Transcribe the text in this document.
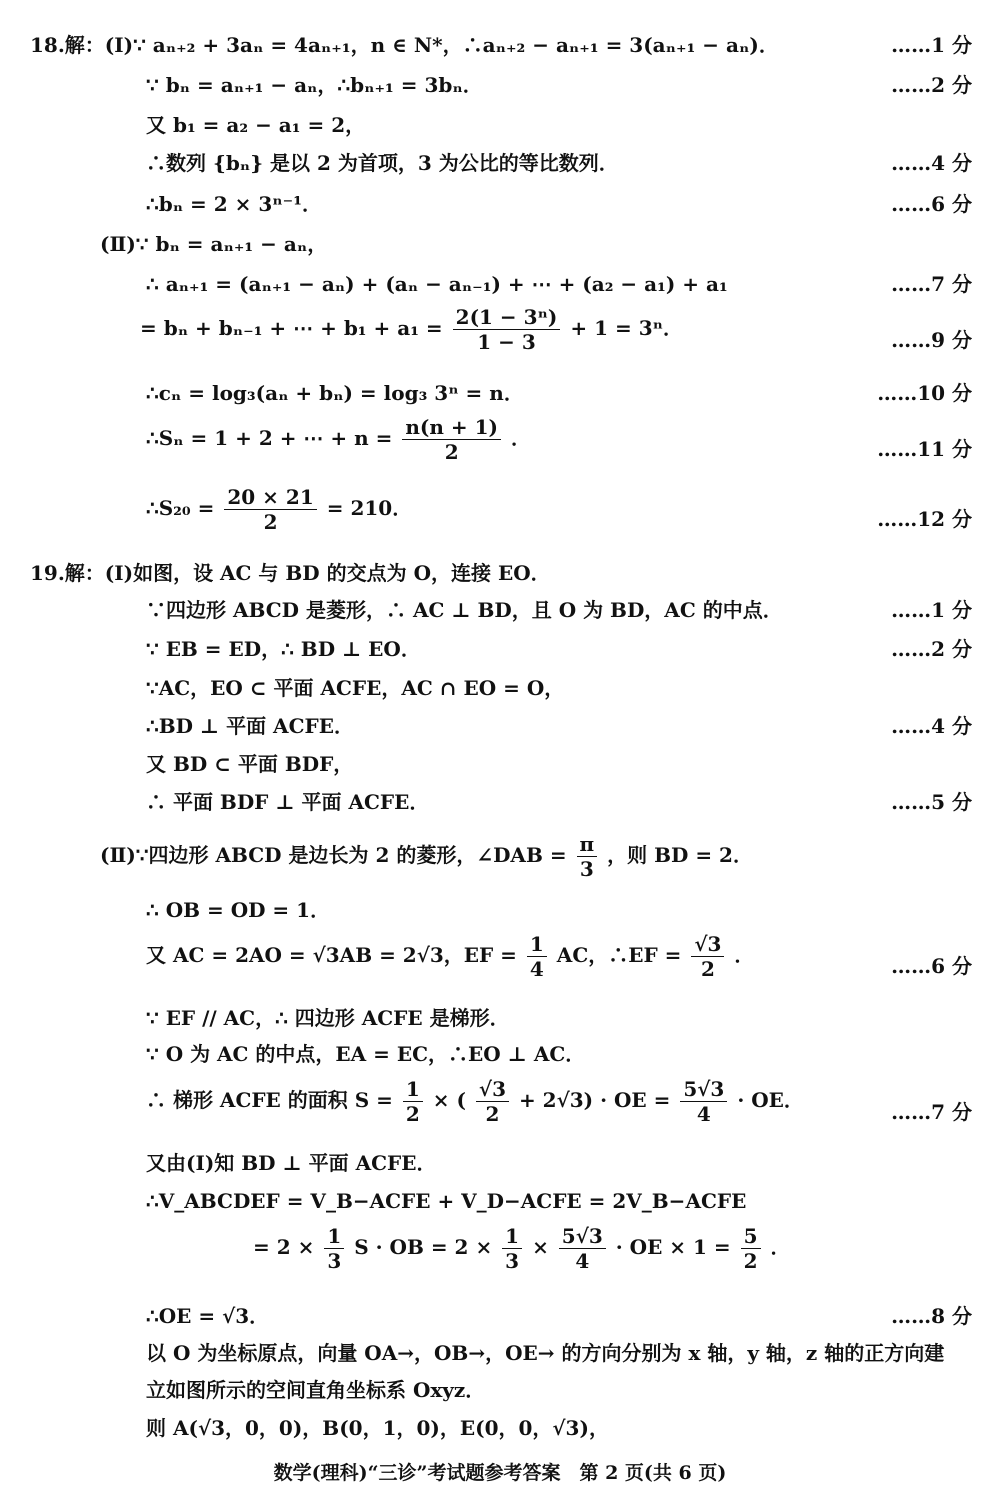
18.解：(Ⅰ)∵ aₙ₊₂ + 3aₙ = 4aₙ₊₁，n ∈ N*，∴aₙ₊₂ − aₙ₊₁ = 3(aₙ₊₁ − aₙ)．	……1 分
∵ bₙ = aₙ₊₁ − aₙ，∴bₙ₊₁ = 3bₙ．	……2 分
又 b₁ = a₂ − a₁ = 2，
∴数列 {bₙ} 是以 2 为首项，3 为公比的等比数列．	……4 分
∴bₙ = 2 × 3ⁿ⁻¹．	……6 分
(Ⅱ)∵ bₙ = aₙ₊₁ − aₙ，
∴ aₙ₊₁ = (aₙ₊₁ − aₙ) + (aₙ − aₙ₋₁) + ⋯ + (a₂ − a₁) + a₁	……7 分
= bₙ + bₙ₋₁ + ⋯ + $b_1 + a_1 = \frac{\text{2(1 − 3ⁿ)}}{1 - 3} + 1 = 3^n$．	……9 分
∴cₙ = log₃(aₙ + bₙ) = log₃ 3ⁿ = n．	……10 分
∴Sₙ = 1 + 2 + ⋯ + $n = \frac{n(n + 1)}{2}$ ．	……11 分
∴S₂₀ = $\frac{20 \times 21}{2} = 210$．	……12 分
19.解：(Ⅰ)如图，设 AC 与 BD 的交点为 O，连接 EO．
∵四边形 ABCD 是菱形，∴ AC ⊥ BD，且 O 为 BD，AC 的中点．	……1 分
∵ EB = ED，∴ BD ⊥ EO．	……2 分
∵AC，EO ⊂ 平面 ACFE，AC ∩ EO = O，
∴BD ⊥ 平面 ACFE．	……4 分
又 BD ⊂ 平面 BDF，
∴ 平面 BDF ⊥ 平面 ACFE．	……5 分
(Ⅱ)∵四边形 ABCD 是边长为 2 的菱形，∠DAB = $\frac{\pi}{3}$ ，则 BD = 2．
∴ OB = OD = 1．
又 AC = 2AO = √3AB = 2√3，EF = $\frac{1}{4}$ AC，∴EF = $\frac{√3}{2}$ ．	……6 分
∵ EF // AC，∴ 四边形 ACFE 是梯形．
∵ O 为 AC 的中点，EA = EC，∴EO ⊥ AC．
∴ 梯形 ACFE 的面积 $S = \frac{1}{2}$ × ( $\frac{√3}{2} + 2√3$) · OE = $\frac{5√3}{4}$ · OE．	……7 分
又由(Ⅰ)知 BD ⊥ 平面 ACFE．
∴V_ABCDEF = V_B−ACFE + V_D−ACFE = 2V_B−ACFE
= $2 \times \frac{1}{3}$ S · OB = $2 \times \frac{1}{3} \times \frac{5√3}{4}$ · OE × $1 = \frac{5}{2}$ ．
∴OE = √3．	……8 分
以 O 为坐标原点，向量 OA→，OB→，OE→ 的方向分别为 x 轴，y 轴，z 轴的正方向建
立如图所示的空间直角坐标系 Oxyz．
则 A(√3，0，0)，B(0，1，0)，E(0，0，√3)，
数学(理科)“三诊”考试题参考答案　第 2 页(共 6 页)
